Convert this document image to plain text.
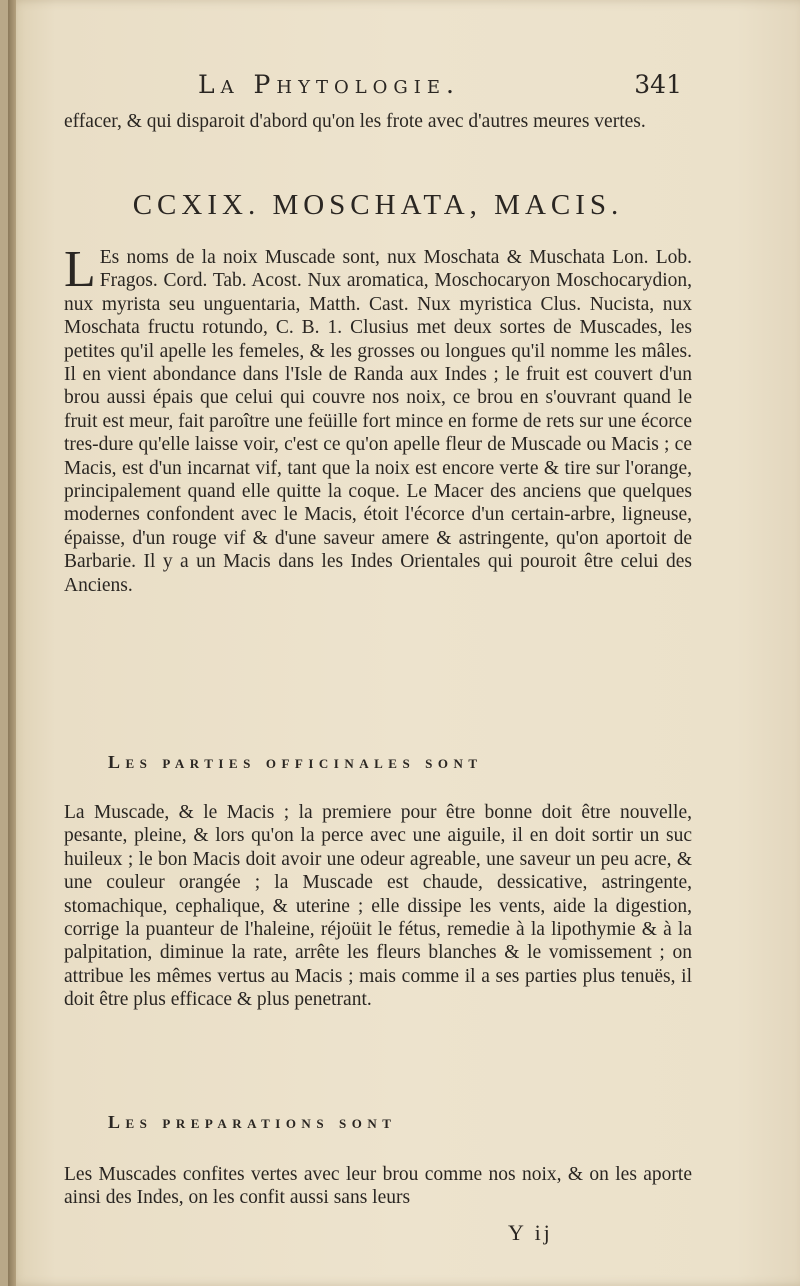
La Phytologie.	341

effacer, & qui disparoit d'abord qu'on les frote avec d'autres meures vertes.

CCXIX. MOSCHATA, MACIS.

L Es noms de la noix Muscade sont, nux Moschata & Muschata Lon. Lob. Fragos. Cord. Tab. Acost. Nux aromatica, Moschocaryon Moschocarydion, nux myrista seu unguentaria, Matth. Cast. Nux myristica Clus. Nucista, nux Moschata fructu rotundo, C. B. 1. Clusius met deux sortes de Muscades, les petites qu'il apelle les femeles, & les grosses ou longues qu'il nomme les mâles. Il en vient abondance dans l'Isle de Randa aux Indes ; le fruit est couvert d'un brou aussi épais que celui qui couvre nos noix, ce brou en s'ouvrant quand le fruit est meur, fait paroître une feüille fort mince en forme de rets sur une écorce tres-dure qu'elle laisse voir, c'est ce qu'on apelle fleur de Muscade ou Macis ; ce Macis, est d'un incarnat vif, tant que la noix est encore verte & tire sur l'orange, principalement quand elle quitte la coque. Le Macer des anciens que quelques modernes confondent avec le Macis, étoit l'écorce d'un certain-arbre, ligneuse, épaisse, d'un rouge vif & d'une saveur amere & astringente, qu'on aportoit de Barbarie. Il y a un Macis dans les Indes Orientales qui pouroit être celui des Anciens.

Les parties officinales sont

La Muscade, & le Macis ; la premiere pour être bonne doit être nouvelle, pesante, pleine, & lors qu'on la perce avec une aiguile, il en doit sortir un suc huileux ; le bon Macis doit avoir une odeur agreable, une saveur un peu acre, & une couleur orangée ; la Muscade est chaude, dessicative, astringente, stomachique, cephalique, & uterine ; elle dissipe les vents, aide la digestion, corrige la puanteur de l'haleine, réjoüit le fétus, remedie à la lipothymie & à la palpitation, diminue la rate, arrête les fleurs blanches & le vomissement ; on attribue les mêmes vertus au Macis ; mais comme il a ses parties plus tenuës, il doit être plus efficace & plus penetrant.

Les preparations sont

Les Muscades confites vertes avec leur brou comme nos noix, & on les aporte ainsi des Indes, on les confit aussi sans leurs

Y ij
